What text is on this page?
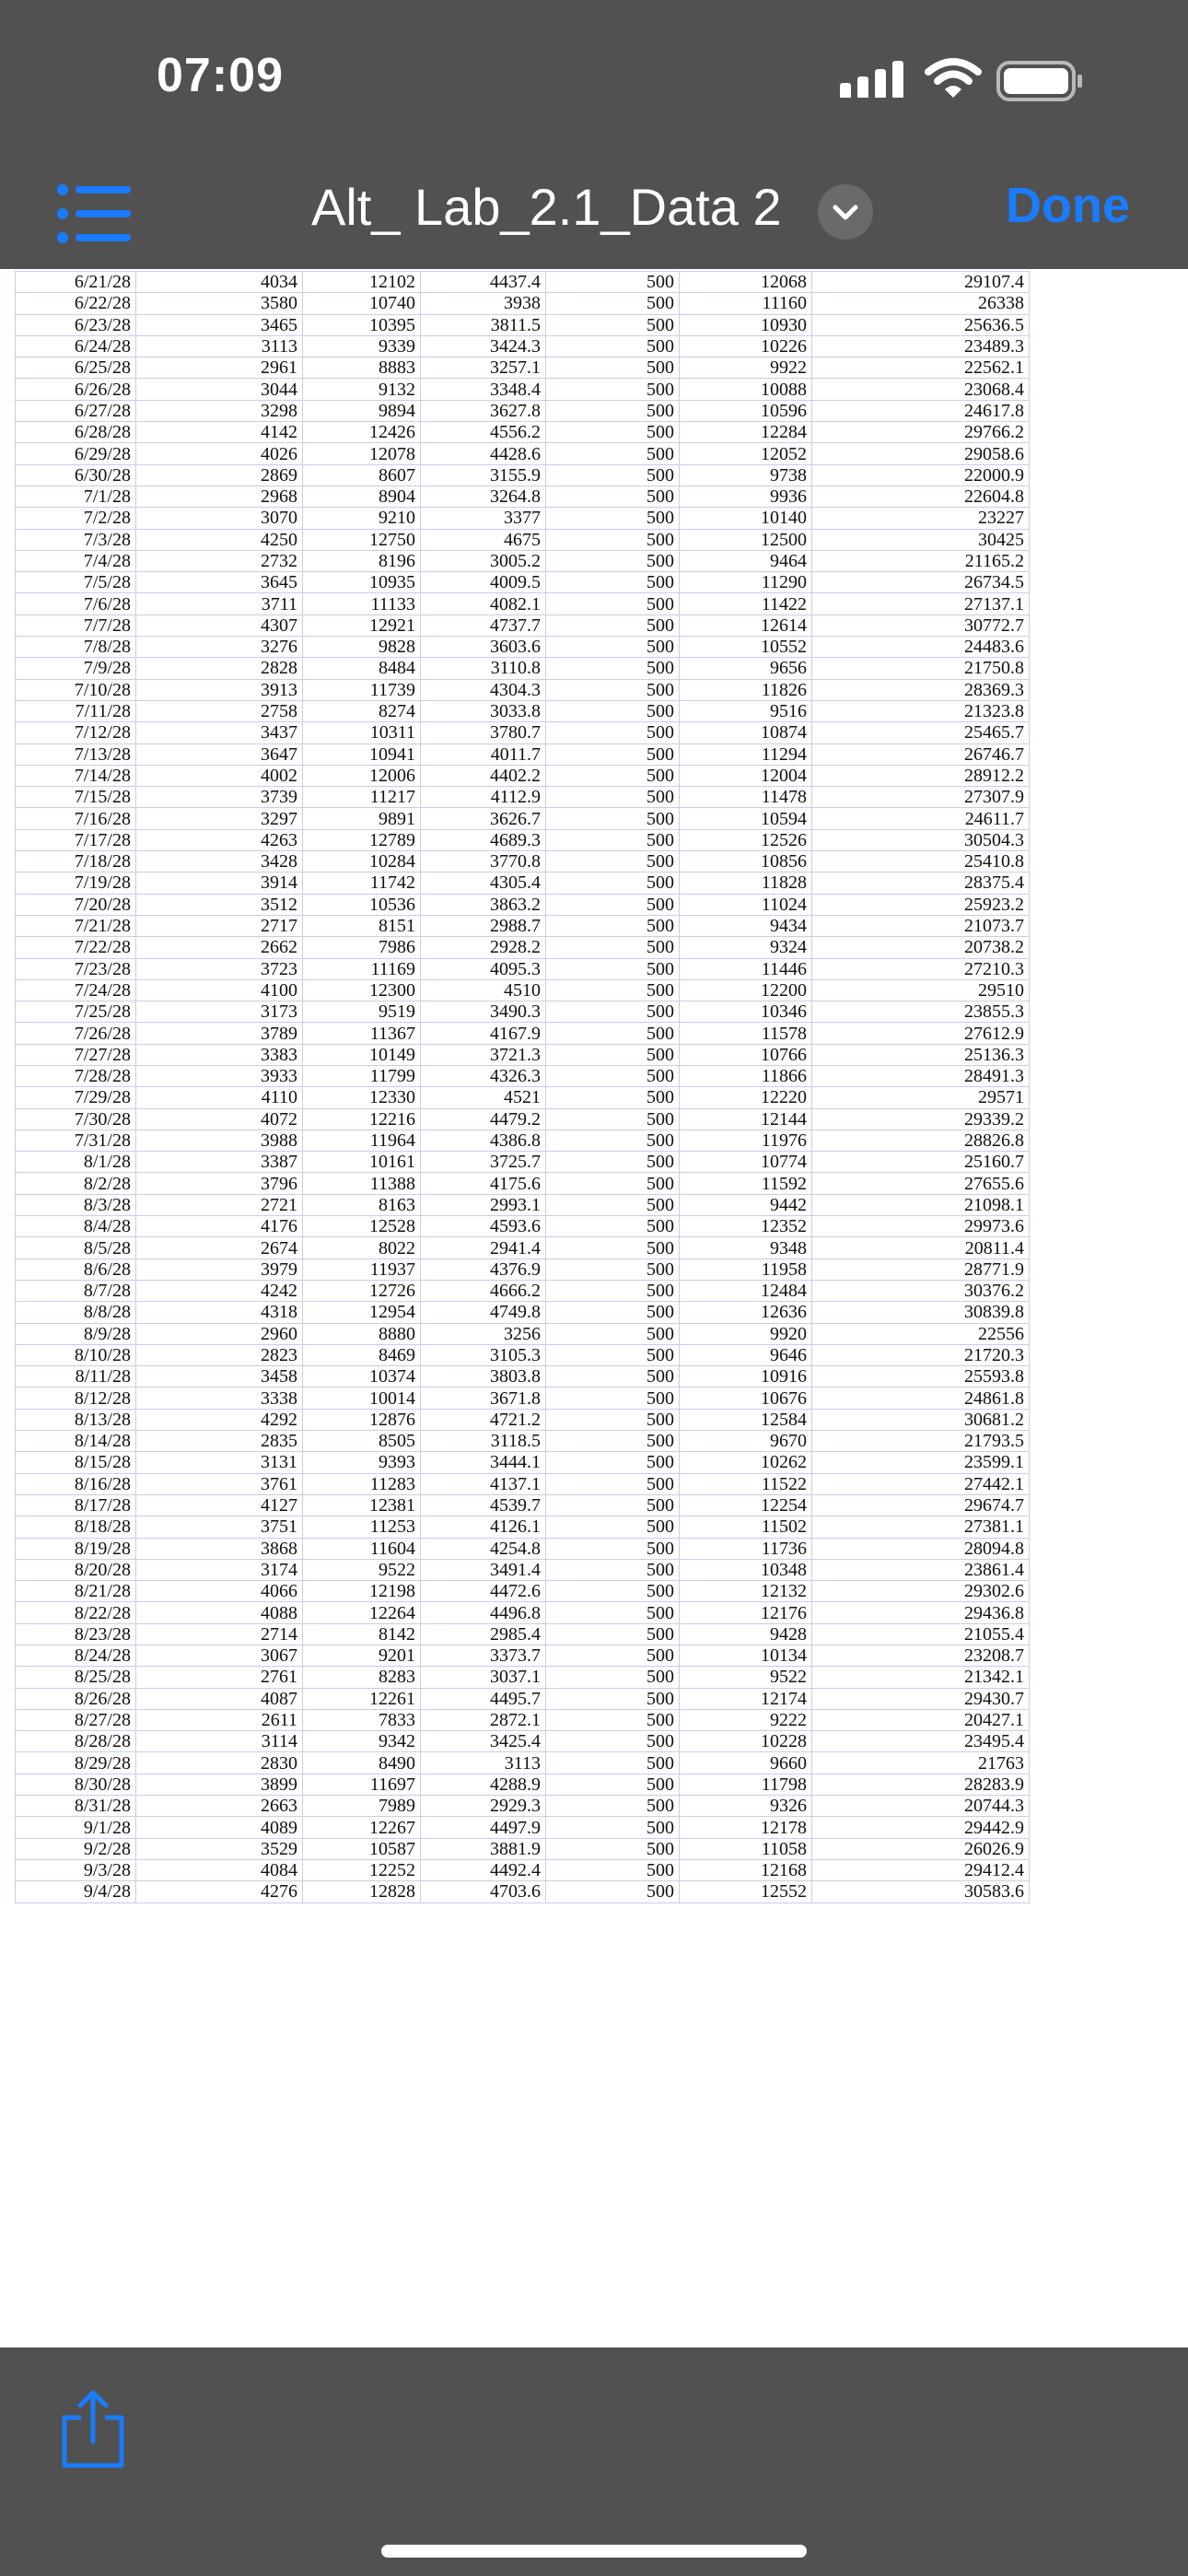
07:09
Alt_ Lab_2.1_Data 2	Done
6/21/28	4034	12102	4437.4	500	12068	29107.4
6/22/28	3580	10740	3938	500	11160	26338
6/23/28	3465	10395	3811.5	500	10930	25636.5
6/24/28	3113	9339	3424.3	500	10226	23489.3
6/25/28	2961	8883	3257.1	500	9922	22562.1
6/26/28	3044	9132	3348.4	500	10088	23068.4
6/27/28	3298	9894	3627.8	500	10596	24617.8
6/28/28	4142	12426	4556.2	500	12284	29766.2
6/29/28	4026	12078	4428.6	500	12052	29058.6
6/30/28	2869	8607	3155.9	500	9738	22000.9
7/1/28	2968	8904	3264.8	500	9936	22604.8
7/2/28	3070	9210	3377	500	10140	23227
7/3/28	4250	12750	4675	500	12500	30425
7/4/28	2732	8196	3005.2	500	9464	21165.2
7/5/28	3645	10935	4009.5	500	11290	26734.5
7/6/28	3711	11133	4082.1	500	11422	27137.1
7/7/28	4307	12921	4737.7	500	12614	30772.7
7/8/28	3276	9828	3603.6	500	10552	24483.6
7/9/28	2828	8484	3110.8	500	9656	21750.8
7/10/28	3913	11739	4304.3	500	11826	28369.3
7/11/28	2758	8274	3033.8	500	9516	21323.8
7/12/28	3437	10311	3780.7	500	10874	25465.7
7/13/28	3647	10941	4011.7	500	11294	26746.7
7/14/28	4002	12006	4402.2	500	12004	28912.2
7/15/28	3739	11217	4112.9	500	11478	27307.9
7/16/28	3297	9891	3626.7	500	10594	24611.7
7/17/28	4263	12789	4689.3	500	12526	30504.3
7/18/28	3428	10284	3770.8	500	10856	25410.8
7/19/28	3914	11742	4305.4	500	11828	28375.4
7/20/28	3512	10536	3863.2	500	11024	25923.2
7/21/28	2717	8151	2988.7	500	9434	21073.7
7/22/28	2662	7986	2928.2	500	9324	20738.2
7/23/28	3723	11169	4095.3	500	11446	27210.3
7/24/28	4100	12300	4510	500	12200	29510
7/25/28	3173	9519	3490.3	500	10346	23855.3
7/26/28	3789	11367	4167.9	500	11578	27612.9
7/27/28	3383	10149	3721.3	500	10766	25136.3
7/28/28	3933	11799	4326.3	500	11866	28491.3
7/29/28	4110	12330	4521	500	12220	29571
7/30/28	4072	12216	4479.2	500	12144	29339.2
7/31/28	3988	11964	4386.8	500	11976	28826.8
8/1/28	3387	10161	3725.7	500	10774	25160.7
8/2/28	3796	11388	4175.6	500	11592	27655.6
8/3/28	2721	8163	2993.1	500	9442	21098.1
8/4/28	4176	12528	4593.6	500	12352	29973.6
8/5/28	2674	8022	2941.4	500	9348	20811.4
8/6/28	3979	11937	4376.9	500	11958	28771.9
8/7/28	4242	12726	4666.2	500	12484	30376.2
8/8/28	4318	12954	4749.8	500	12636	30839.8
8/9/28	2960	8880	3256	500	9920	22556
8/10/28	2823	8469	3105.3	500	9646	21720.3
8/11/28	3458	10374	3803.8	500	10916	25593.8
8/12/28	3338	10014	3671.8	500	10676	24861.8
8/13/28	4292	12876	4721.2	500	12584	30681.2
8/14/28	2835	8505	3118.5	500	9670	21793.5
8/15/28	3131	9393	3444.1	500	10262	23599.1
8/16/28	3761	11283	4137.1	500	11522	27442.1
8/17/28	4127	12381	4539.7	500	12254	29674.7
8/18/28	3751	11253	4126.1	500	11502	27381.1
8/19/28	3868	11604	4254.8	500	11736	28094.8
8/20/28	3174	9522	3491.4	500	10348	23861.4
8/21/28	4066	12198	4472.6	500	12132	29302.6
8/22/28	4088	12264	4496.8	500	12176	29436.8
8/23/28	2714	8142	2985.4	500	9428	21055.4
8/24/28	3067	9201	3373.7	500	10134	23208.7
8/25/28	2761	8283	3037.1	500	9522	21342.1
8/26/28	4087	12261	4495.7	500	12174	29430.7
8/27/28	2611	7833	2872.1	500	9222	20427.1
8/28/28	3114	9342	3425.4	500	10228	23495.4
8/29/28	2830	8490	3113	500	9660	21763
8/30/28	3899	11697	4288.9	500	11798	28283.9
8/31/28	2663	7989	2929.3	500	9326	20744.3
9/1/28	4089	12267	4497.9	500	12178	29442.9
9/2/28	3529	10587	3881.9	500	11058	26026.9
9/3/28	4084	12252	4492.4	500	12168	29412.4
9/4/28	4276	12828	4703.6	500	12552	30583.6
